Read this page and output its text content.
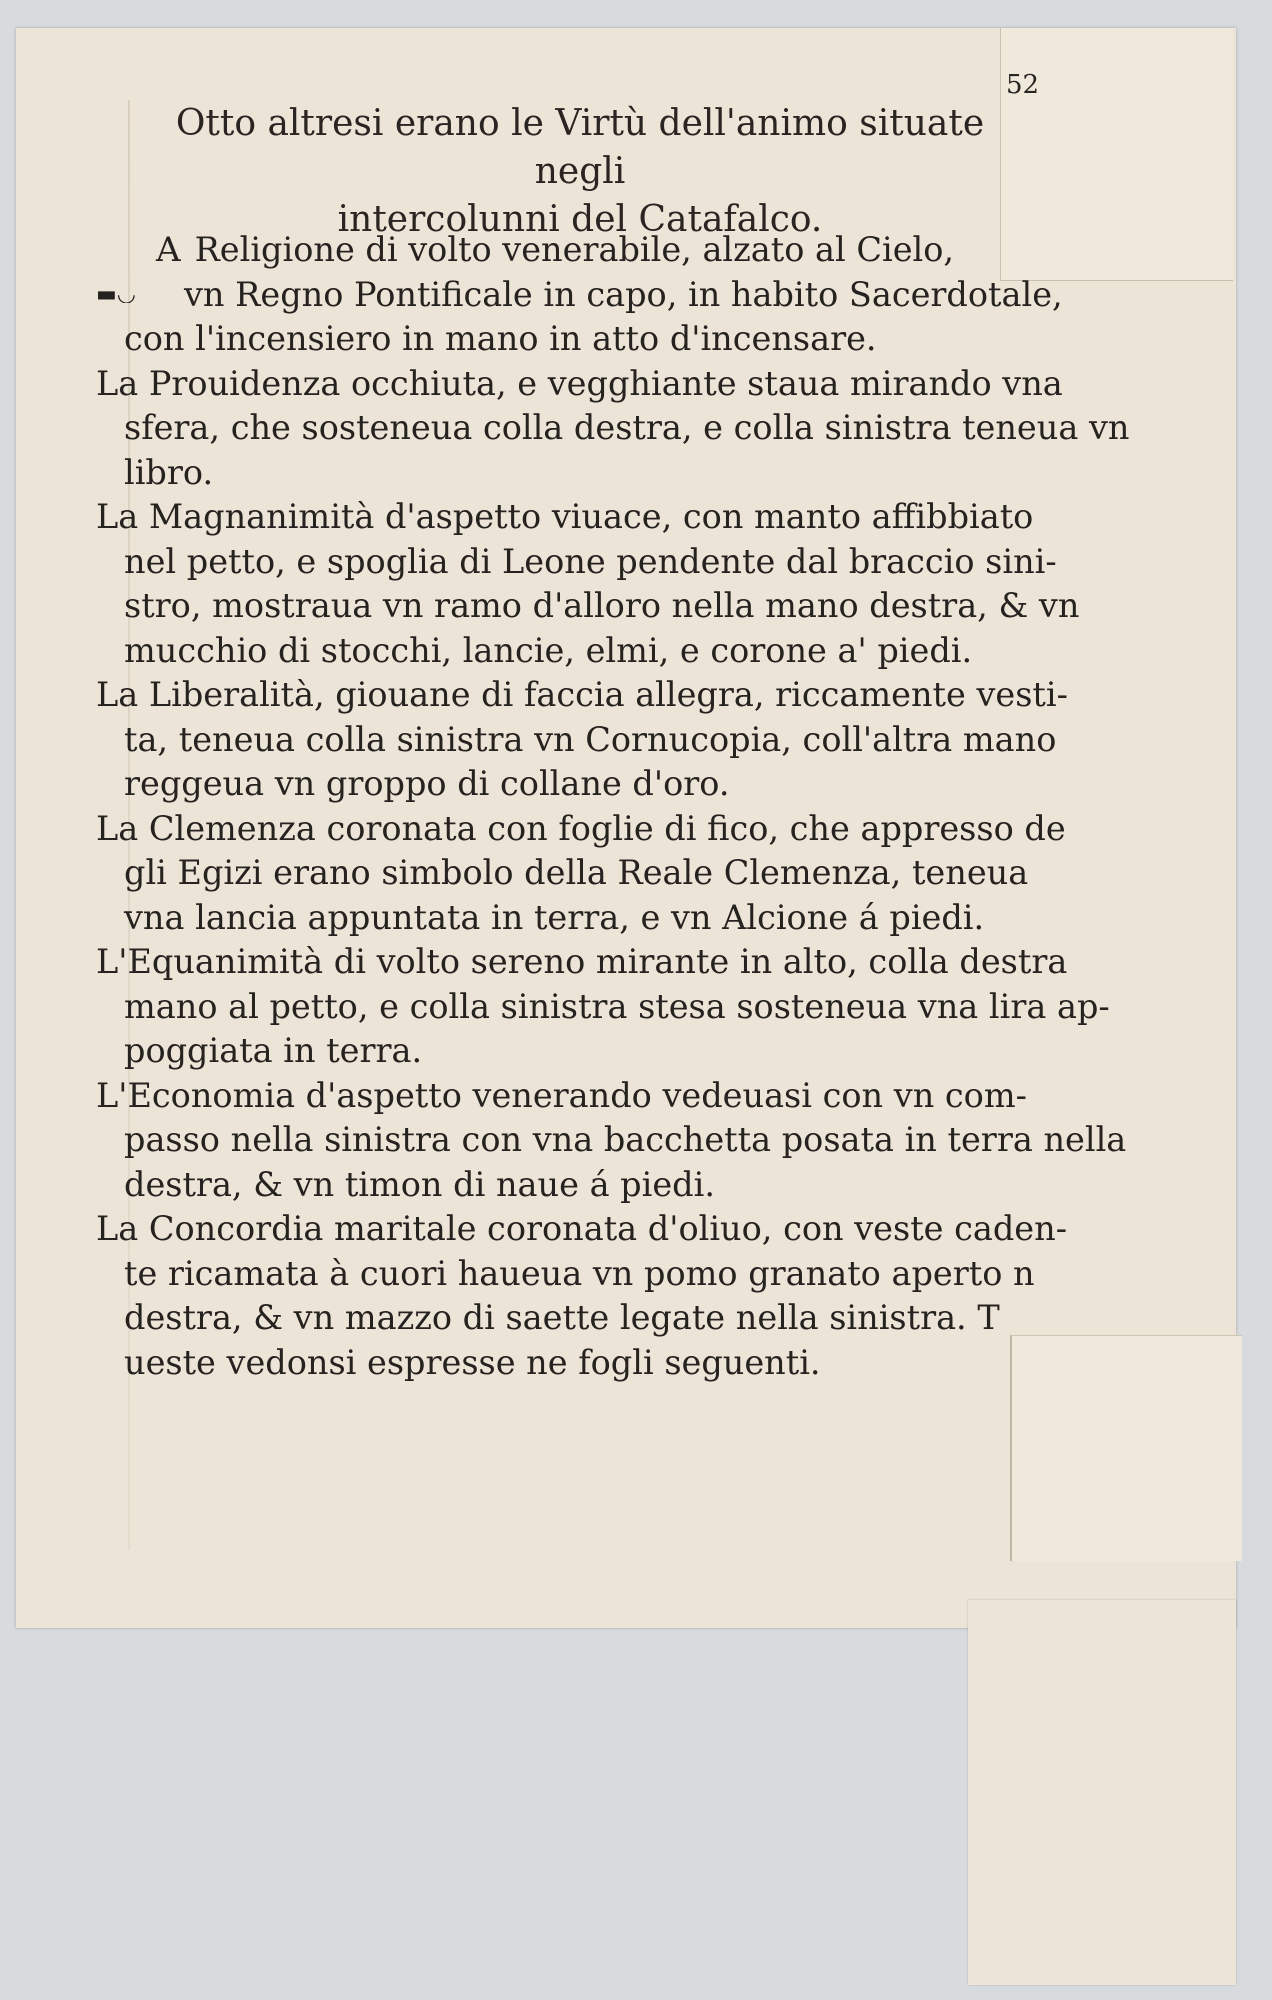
52
Otto altresi erano le Virtù dell'animo situate negli
intercolunni del Catafalco.
▬◡

A Religione di volto venerabile, alzato al Cielo,
vn Regno Pontificale in capo, in habito Sacerdotale,
con l'incensiero in mano in atto d'incensare.

La Prouidenza occhiuta, e vegghiante staua mirando vna
sfera, che sosteneua colla destra, e colla sinistra teneua vn
libro.

La Magnanimità d'aspetto viuace, con manto affibbiato
nel petto, e spoglia di Leone pendente dal braccio sini-
stro, mostraua vn ramo d'alloro nella mano destra, & vn
mucchio di stocchi, lancie, elmi, e corone a' piedi.

La Liberalità, giouane di faccia allegra, riccamente vesti-
ta, teneua colla sinistra vn Cornucopia, coll'altra mano
reggeua vn groppo di collane d'oro.

La Clemenza coronata con foglie di fico, che appresso de
gli Egizi erano simbolo della Reale Clemenza, teneua
vna lancia appuntata in terra, e vn Alcione á piedi.

L'Equanimità di volto sereno mirante in alto, colla destra
mano al petto, e colla sinistra stesa sosteneua vna lira ap-
poggiata in terra.

L'Economia d'aspetto venerando vedeuasi con vn com-
passo nella sinistra con vna bacchetta posata in terra nella
destra, & vn timon di naue á piedi.

La Concordia maritale coronata d'oliuo, con veste caden-
te ricamata à cuori haueua vn pomo granato aperto n
destra, & vn mazzo di saette legate nella sinistra. T
ueste vedonsi espresse ne fogli seguenti.
